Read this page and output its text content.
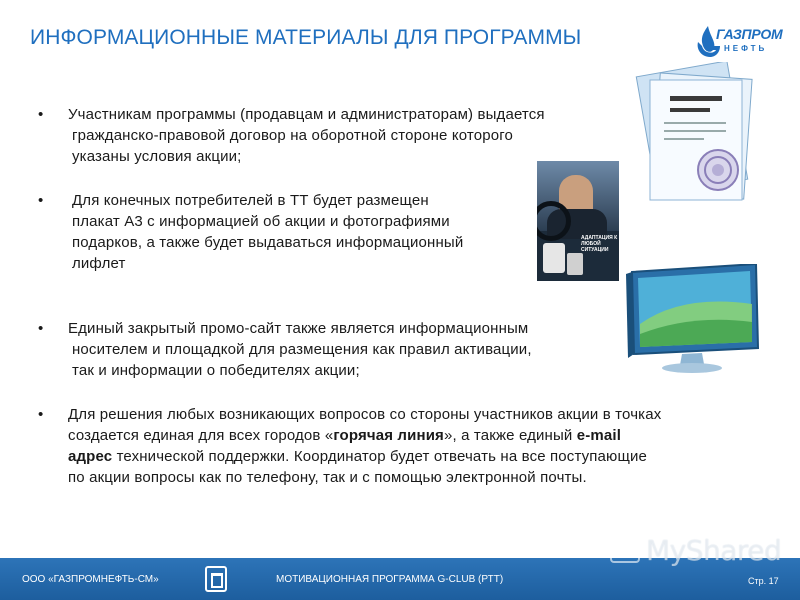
ИНФОРМАЦИОННЫЕ МАТЕРИАЛЫ ДЛЯ ПРОГРАММЫ	ГАЗПРОМ
НЕФТЬ
• Участникам программы (продавцам и администраторам) выдается
гражданско-правовой договор на оборотной стороне которого
указаны условия акции;
• Для конечных потребителей в ТТ будет размещен
плакат А3 с информацией об акции и фотографиями
подарков, а также будет выдаваться информационный
лифлет
• Единый закрытый промо-сайт также является информационным
носителем и площадкой для размещения как правил активации,
так и информации о победителях акции;
• Для решения любых возникающих вопросов со стороны участников акции в точках
создается единая для всех городов «горячая линия», а также единый e-mail
адрес технической поддержки. Координатор будет отвечать на все поступающие
по акции вопросы как по телефону, так и с помощью электронной почты.
АДАПТАЦИЯ К ЛЮБОЙ СИТУАЦИИ
ООО «ГАЗПРОМНЕФТЬ-СМ»	МОТИВАЦИОННАЯ ПРОГРАММА G-CLUB (РТТ)	Стр. 17
MyShared
